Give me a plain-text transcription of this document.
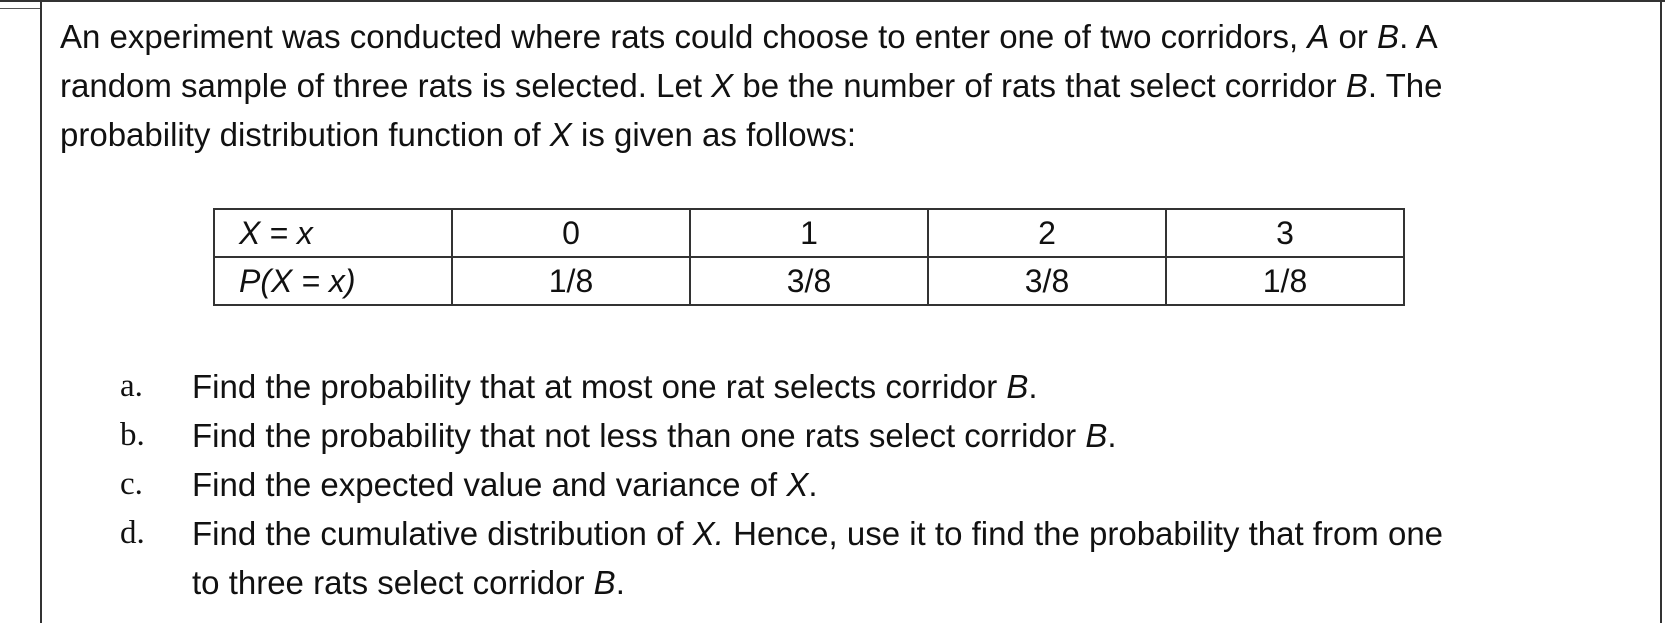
An experiment was conducted where rats could choose to enter one of two corridors, A or B. A
random sample of three rats is selected. Let X be the number of rats that select corridor B. The
probability distribution function of X is given as follows:
X = x	0	1	2	3
P(X = x)	1/8	3/8	3/8	1/8
a.	Find the probability that at most one rat selects corridor B.
b.	Find the probability that not less than one rats select corridor B.
c.	Find the expected value and variance of X.
d.	Find the cumulative distribution of X. Hence, use it to find the probability that from one
to three rats select corridor B.
